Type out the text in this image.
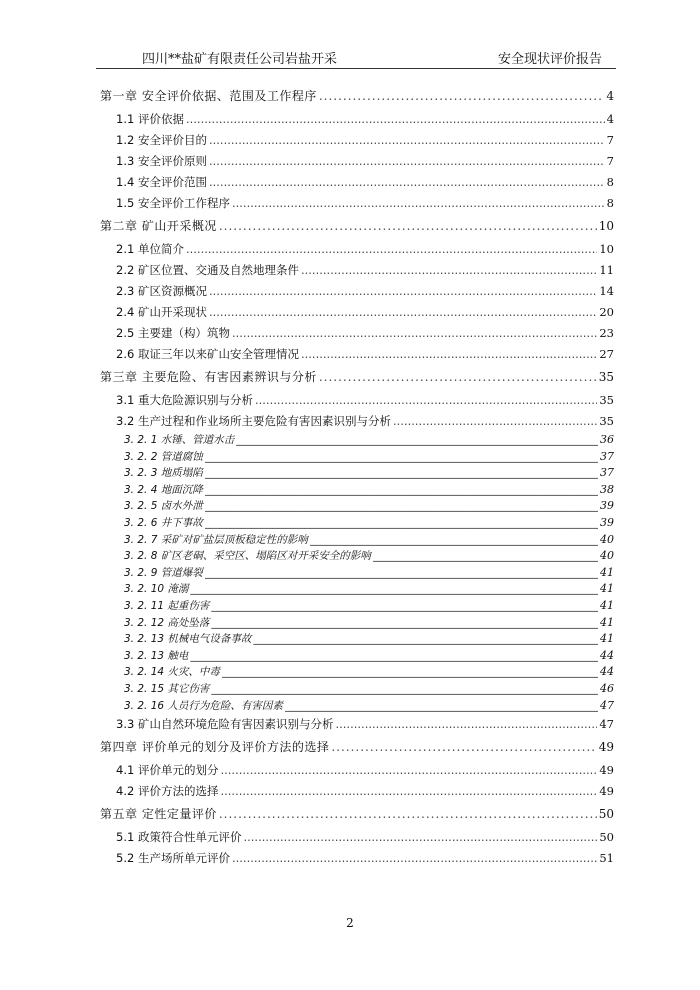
四川**盐矿有限责任公司岩盐开采	安全现状评价报告
第一章 安全评价依据、范围及工作程序 .....	4
1.1 评价依据 .....	4
1.2 安全评价目的 .....	7
1.3 安全评价原则 .....	7
1.4 安全评价范围 .....	8
1.5 安全评价工作程序 .....	8
第二章 矿山开采概况 .....	10
2.1 单位简介 .....	10
2.2 矿区位置、交通及自然地理条件 .....	11
2.3 矿区资源概况 .....	14
2.4 矿山开采现状 .....	20
2.5 主要建（构）筑物 .....	23
2.6 取证三年以来矿山安全管理情况 .....	27
第三章 主要危险、有害因素辨识与分析 .....	35
3.1 重大危险源识别与分析 .....	35
3.2 生产过程和作业场所主要危险有害因素识别与分析 .....	35
3. 2. 1 水锤、管道水击 _____	36
3. 2. 2 管道腐蚀 _____	37
3. 2. 3 地质塌陷 _____	37
3. 2. 4 地面沉降 _____	38
3. 2. 5 卤水外泄 _____	39
3. 2. 6 井下事故 _____	39
3. 2. 7 采矿对矿盐层顶板稳定性的影响 _____	40
3. 2. 8 矿区老硐、采空区、塌陷区对开采安全的影响 _____	40
3. 2. 9 管道爆裂 _____	41
3. 2. 10 淹溺 _____	41
3. 2. 11 起重伤害 _____	41
3. 2. 12 高处坠落 _____	41
3. 2. 13 机械电气设备事故 _____	41
3. 2. 13 触电 _____	44
3. 2. 14 火灾、中毒 _____	44
3. 2. 15 其它伤害 _____	46
3. 2. 16 人员行为危险、有害因素 _____	47
3.3 矿山自然环境危险有害因素识别与分析 .....	47
第四章 评价单元的划分及评价方法的选择 .....	49
4.1 评价单元的划分 .....	49
4.2 评价方法的选择 .....	49
第五章 定性定量评价 .....	50
5.1 政策符合性单元评价 .....	50
5.2 生产场所单元评价 .....	51
2
